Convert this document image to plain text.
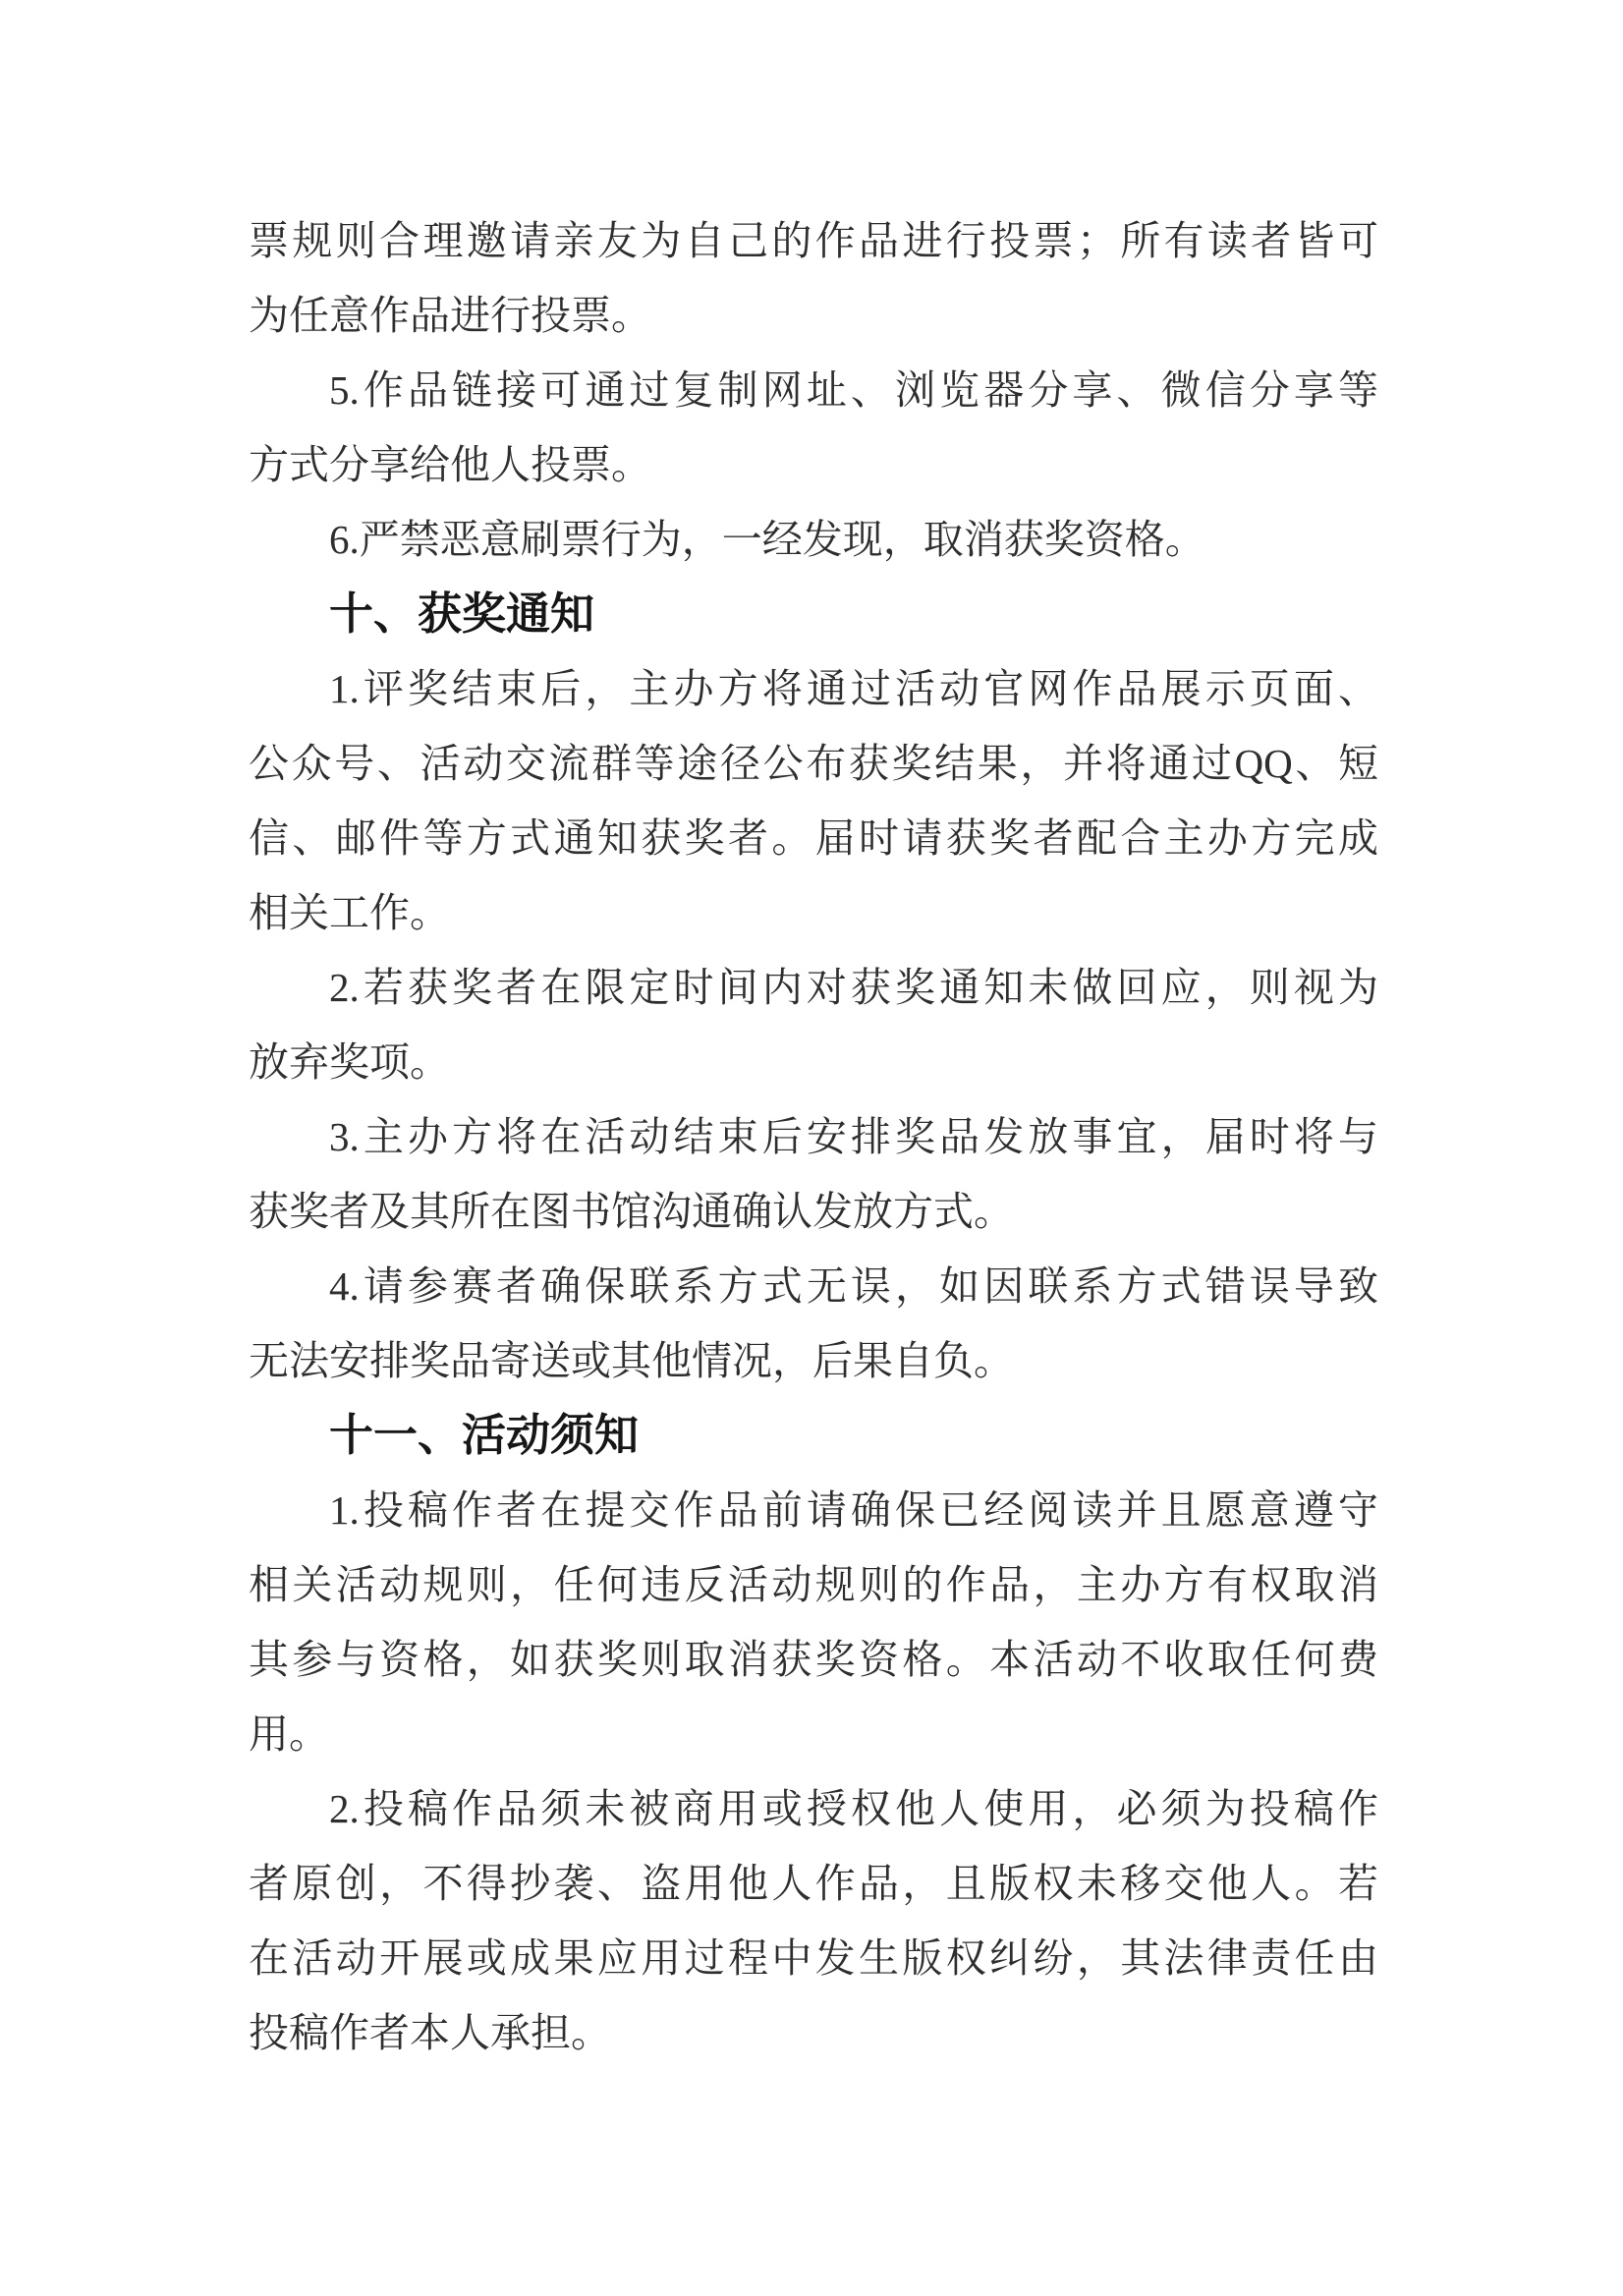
票规则合理邀请亲友为自己的作品进行投票；所有读者皆可
为任意作品进行投票。
5.作品链接可通过复制网址、浏览器分享、微信分享等
方式分享给他人投票。
6.严禁恶意刷票行为，一经发现，取消获奖资格。
十、获奖通知
1.评奖结束后，主办方将通过活动官网作品展示页面、
公众号、活动交流群等途径公布获奖结果，并将通过QQ、短
信、邮件等方式通知获奖者。届时请获奖者配合主办方完成
相关工作。
2.若获奖者在限定时间内对获奖通知未做回应，则视为
放弃奖项。
3.主办方将在活动结束后安排奖品发放事宜，届时将与
获奖者及其所在图书馆沟通确认发放方式。
4.请参赛者确保联系方式无误，如因联系方式错误导致
无法安排奖品寄送或其他情况，后果自负。
十一、活动须知
1.投稿作者在提交作品前请确保已经阅读并且愿意遵守
相关活动规则，任何违反活动规则的作品，主办方有权取消
其参与资格，如获奖则取消获奖资格。本活动不收取任何费
用。
2.投稿作品须未被商用或授权他人使用，必须为投稿作
者原创，不得抄袭、盗用他人作品，且版权未移交他人。若
在活动开展或成果应用过程中发生版权纠纷，其法律责任由
投稿作者本人承担。
